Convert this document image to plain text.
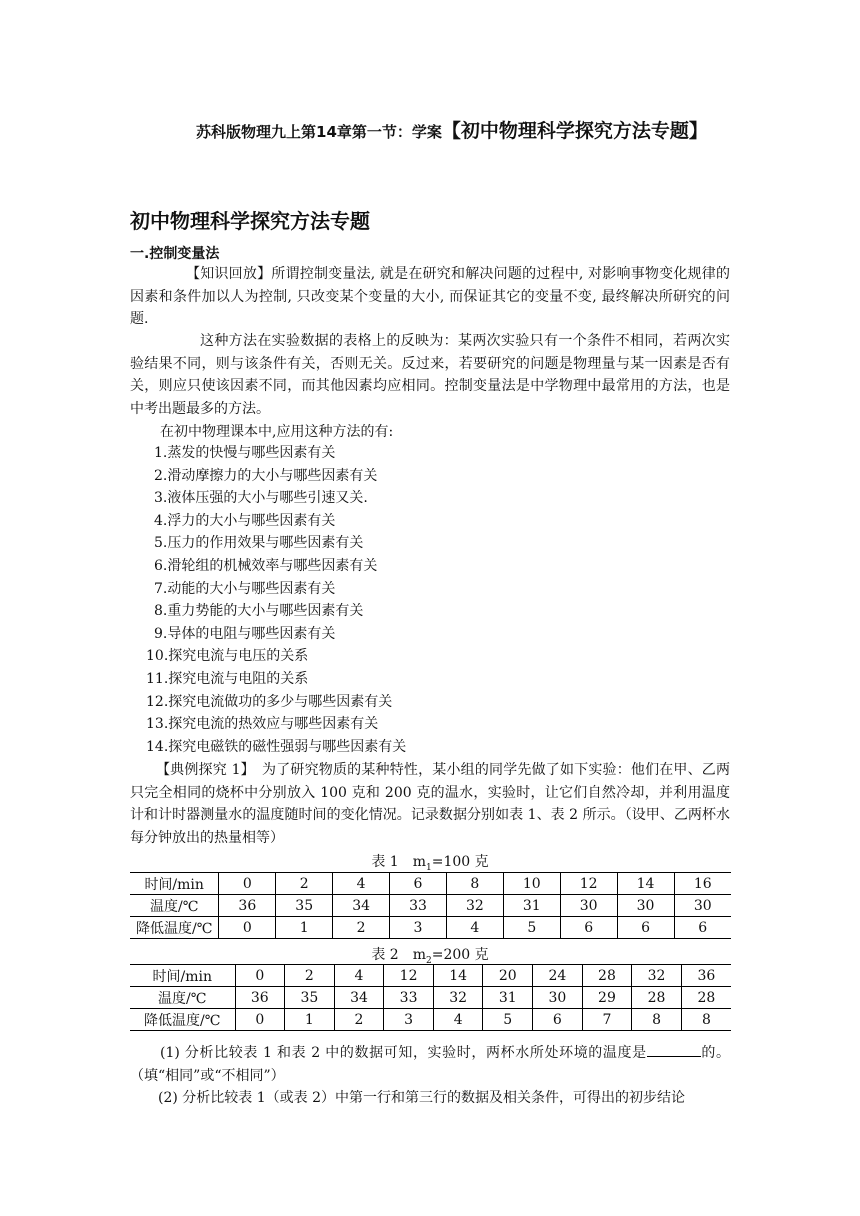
苏科版物理九上第14章第一节：学案【初中物理科学探究方法专题】
初中物理科学探究方法专题
一.控制变量法
【知识回放】所谓控制变量法, 就是在研究和解决问题的过程中, 对影响事物变化规律的因素和条件加以人为控制, 只改变某个变量的大小, 而保证其它的变量不变, 最终解决所研究的问题.
这种方法在实验数据的表格上的反映为：某两次实验只有一个条件不相同，若两次实验结果不同，则与该条件有关，否则无关。反过来，若要研究的问题是物理量与某一因素是否有关，则应只使该因素不同，而其他因素均应相同。控制变量法是中学物理中最常用的方法，也是中考出题最多的方法。
在初中物理课本中,应用这种方法的有:
1.蒸发的快慢与哪些因素有关
2.滑动摩擦力的大小与哪些因素有关
3.液体压强的大小与哪些引速又关.
4.浮力的大小与哪些因素有关
5.压力的作用效果与哪些因素有关
6.滑轮组的机械效率与哪些因素有关
7.动能的大小与哪些因素有关
8.重力势能的大小与哪些因素有关
9.导体的电阻与哪些因素有关
10.探究电流与电压的关系
11.探究电流与电阻的关系
12.探究电流做功的多少与哪些因素有关
13.探究电流的热效应与哪些因素有关
14.探究电磁铁的磁性强弱与哪些因素有关
【典例探究 1】　为了研究物质的某种特性，某小组的同学先做了如下实验：他们在甲、乙两只完全相同的烧杯中分别放入 100 克和 200 克的温水，实验时，让它们自然冷却，并利用温度计和计时器测量水的温度随时间的变化情况。记录数据分别如表 1、表 2 所示。（设甲、乙两杯水每分钟放出的热量相等）
表 1　$m_1=100$ 克
时间/min	0	2	4	6	8	10	12	14	16
温度/℃	36	35	34	33	32	31	30	30	30
降低温度/℃	0	1	2	3	4	5	6	6	6
表 2　$m_2=200$ 克
时间/min	0	2	4	12	14	20	24	28	32	36
温度/℃	36	35	34	33	32	31	30	29	28	28
降低温度/℃	0	1	2	3	4	5	6	7	8	8
(1) 分析比较表 1 和表 2 中的数据可知，实验时，两杯水所处环境的温度是	的。（填“相同”或“不相同”）
(2) 分析比较表 1（或表 2）中第一行和第三行的数据及相关条件，可得出的初步结论
